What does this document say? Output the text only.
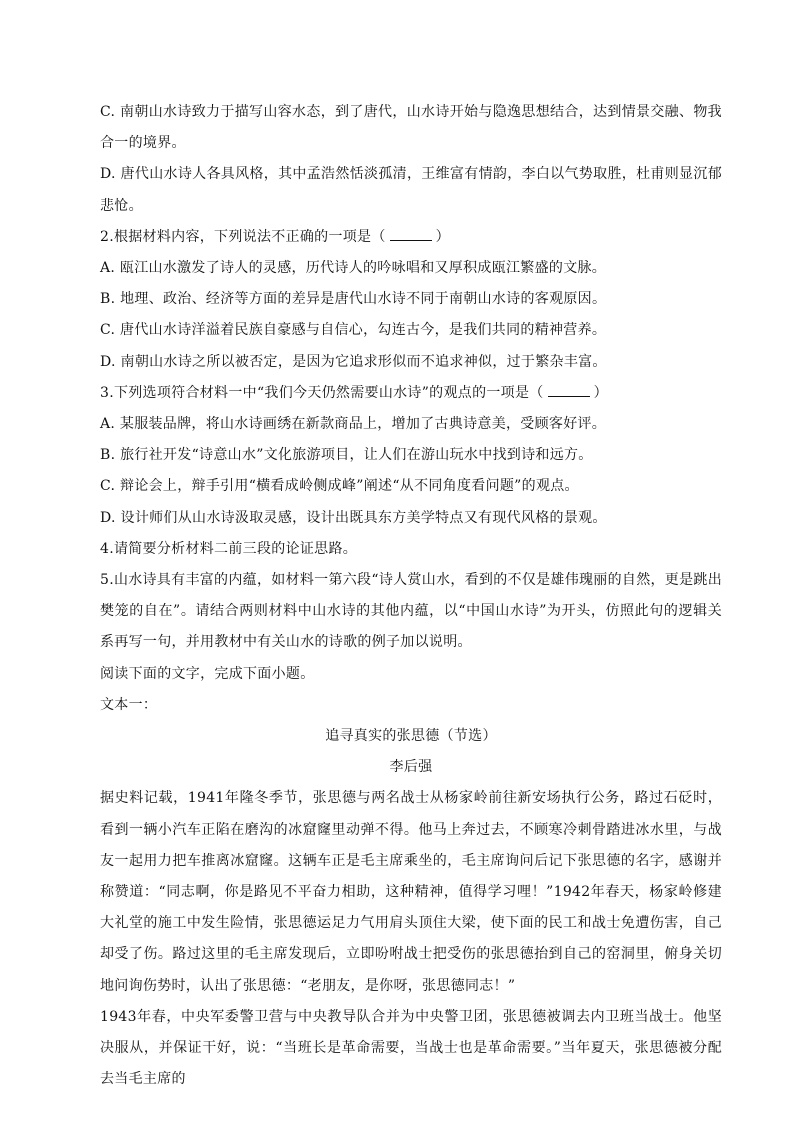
C. 南朝山水诗致力于描写山容水态，到了唐代，山水诗开始与隐逸思想结合，达到情景交融、物我合一的境界。

D. 唐代山水诗人各具风格，其中孟浩然恬淡孤清，王维富有情韵，李白以气势取胜，杜甫则显沉郁悲怆。

2.根据材料内容，下列说法不正确的一项是（	）

A. 瓯江山水激发了诗人的灵感，历代诗人的吟咏唱和又厚积成瓯江繁盛的文脉。

B. 地理、政治、经济等方面的差异是唐代山水诗不同于南朝山水诗的客观原因。

C. 唐代山水诗洋溢着民族自豪感与自信心，勾连古今，是我们共同的精神营养。

D. 南朝山水诗之所以被否定，是因为它追求形似而不追求神似，过于繁杂丰富。

3.下列选项符合材料一中“我们今天仍然需要山水诗”的观点的一项是（	）

A. 某服装品牌，将山水诗画绣在新款商品上，增加了古典诗意美，受顾客好评。

B. 旅行社开发“诗意山水”文化旅游项目，让人们在游山玩水中找到诗和远方。

C. 辩论会上，辩手引用“横看成岭侧成峰”阐述“从不同角度看问题”的观点。

D. 设计师们从山水诗汲取灵感，设计出既具东方美学特点又有现代风格的景观。

4.请简要分析材料二前三段的论证思路。

5.山水诗具有丰富的内蕴，如材料一第六段“诗人赏山水，看到的不仅是雄伟瑰丽的自然，更是跳出樊笼的自在”。请结合两则材料中山水诗的其他内蕴，以“中国山水诗”为开头，仿照此句的逻辑关系再写一句，并用教材中有关山水的诗歌的例子加以说明。

阅读下面的文字，完成下面小题。

文本一：

追寻真实的张思德（节选）

李后强

据史料记载，1941年隆冬季节，张思德与两名战士从杨家岭前往新安场执行公务，路过石砭时，看到一辆小汽车正陷在磨沟的冰窟窿里动弹不得。他马上奔过去，不顾寒冷刺骨踏进冰水里，与战友一起用力把车推离冰窟窿。这辆车正是毛主席乘坐的，毛主席询问后记下张思德的名字，感谢并称赞道：“同志啊，你是路见不平奋力相助，这种精神，值得学习哩！”1942年春天，杨家岭修建大礼堂的施工中发生险情，张思德运足力气用肩头顶住大梁，使下面的民工和战士免遭伤害，自己却受了伤。路过这里的毛主席发现后，立即吩咐战士把受伤的张思德抬到自己的窑洞里，俯身关切地问询伤势时，认出了张思德：“老朋友，是你呀，张思德同志！”

1943年春，中央军委警卫营与中央教导队合并为中央警卫团，张思德被调去内卫班当战士。他坚决服从，并保证干好，说：“当班长是革命需要，当战士也是革命需要。”当年夏天，张思德被分配去当毛主席的
